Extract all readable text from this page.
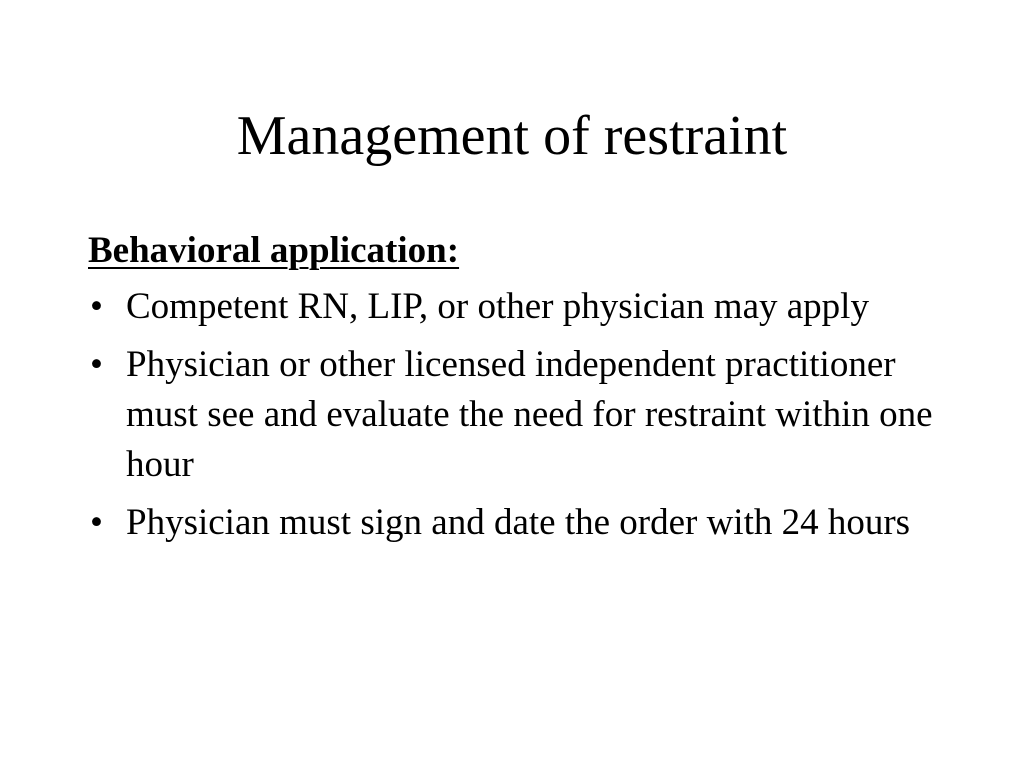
Management of restraint
Behavioral application:
• Competent RN, LIP, or other physician may apply
• Physician or other licensed independent practitioner must see and evaluate the need for restraint within one hour
• Physician must sign and date the order with 24 hours
